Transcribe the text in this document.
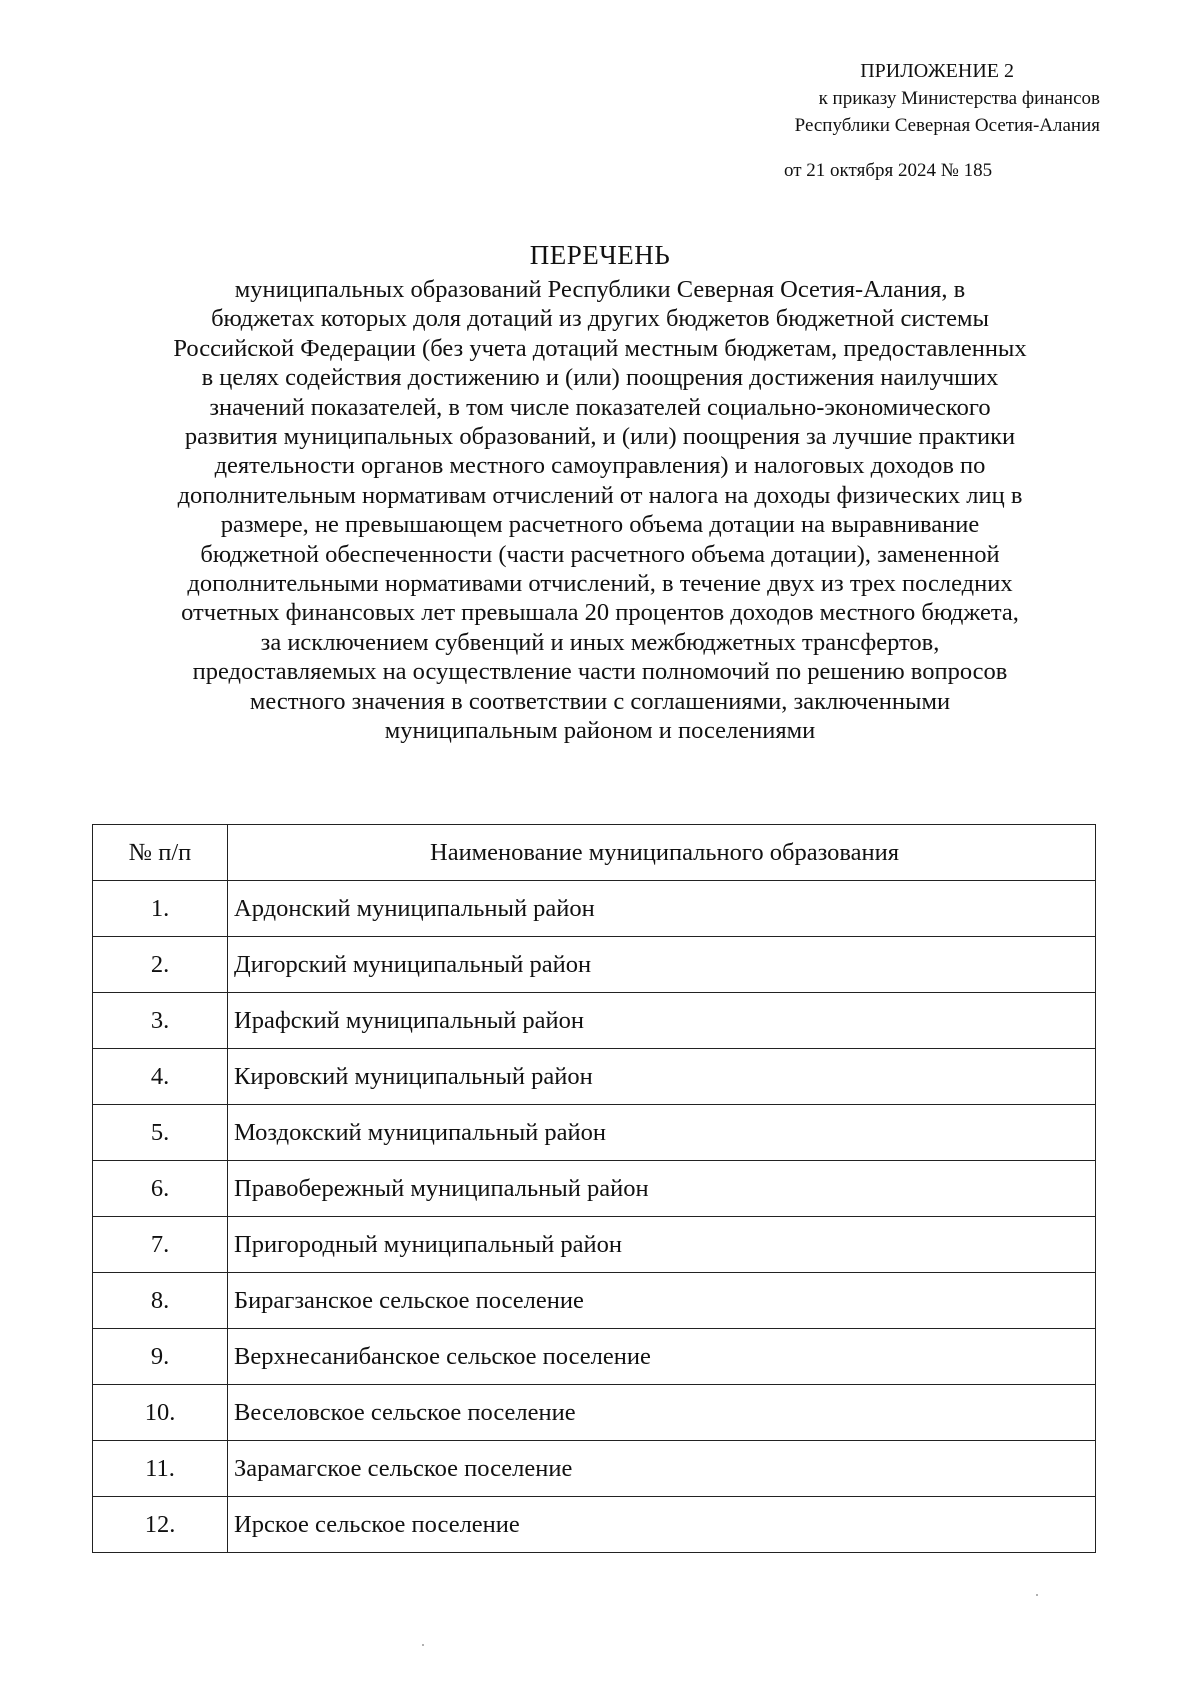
ПРИЛОЖЕНИЕ 2
к приказу Министерства финансов
Республики Северная Осетия-Алания
от 21 октября 2024 № 185
ПЕРЕЧЕНЬ

муниципальных образований Республики Северная Осетия-Алания, в
бюджетах которых доля дотаций из других бюджетов бюджетной системы
Российской Федерации (без учета дотаций местным бюджетам, предоставленных
в целях содействия достижению и (или) поощрения достижения наилучших
значений показателей, в том числе показателей социально-экономического
развития муниципальных образований, и (или) поощрения за лучшие практики
деятельности органов местного самоуправления) и налоговых доходов по
дополнительным нормативам отчислений от налога на доходы физических лиц в
размере, не превышающем расчетного объема дотации на выравнивание
бюджетной обеспеченности (части расчетного объема дотации), замененной
дополнительными нормативами отчислений, в течение двух из трех последних
отчетных финансовых лет превышала 20 процентов доходов местного бюджета,
за исключением субвенций и иных межбюджетных трансфертов,
предоставляемых на осуществление части полномочий по решению вопросов
местного значения в соответствии с соглашениями, заключенными
муниципальным районом и поселениями

№ п/п	Наименование муниципального образования
1.	Ардонский муниципальный район
2.	Дигорский муниципальный район
3.	Ирафский муниципальный район
4.	Кировский муниципальный район
5.	Моздокский муниципальный район
6.	Правобережный муниципальный район
7.	Пригородный муниципальный район
8.	Бирагзанское сельское поселение
9.	Верхнесанибанское сельское поселение
10.	Веселовское сельское поселение
11.	Зарамагское сельское поселение
12.	Ирское сельское поселение
